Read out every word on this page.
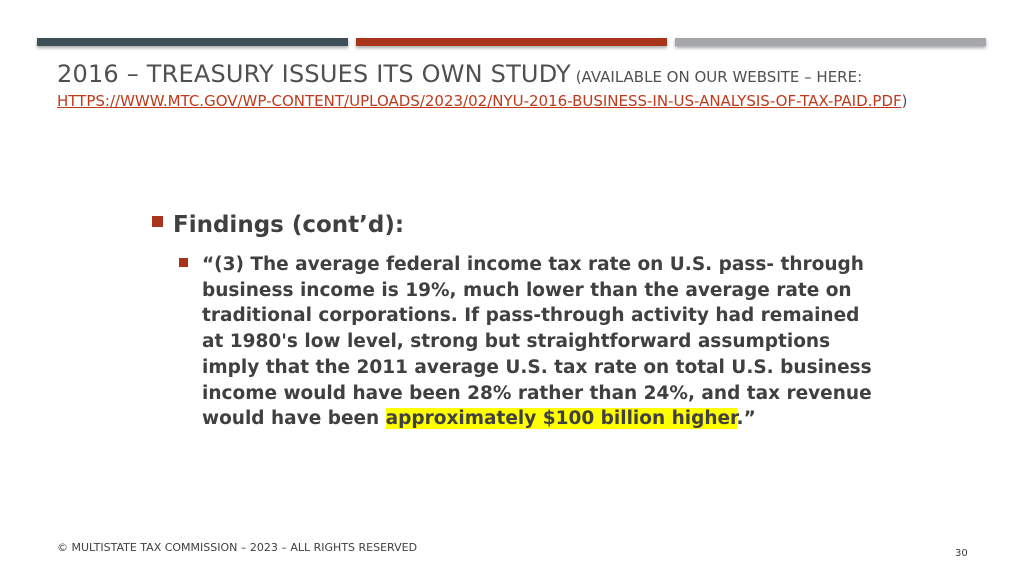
2016 – TREASURY ISSUES ITS OWN STUDY (AVAILABLE ON OUR WEBSITE – HERE: HTTPS://WWW.MTC.GOV/WP-CONTENT/UPLOADS/2023/02/NYU-2016-BUSINESS-IN-US-ANALYSIS-OF-TAX-PAID.PDF)
Findings (cont’d):
“(3) The average federal income tax rate on U.S. pass- through business income is 19%, much lower than the average rate on traditional corporations. If pass-through activity had remained at 1980's low level, strong but straightforward assumptions imply that the 2011 average U.S. tax rate on total U.S. business income would have been 28% rather than 24%, and tax revenue would have been approximately $100 billion higher.”
© MULTISTATE TAX COMMISSION – 2023 – ALL RIGHTS RESERVED	30
